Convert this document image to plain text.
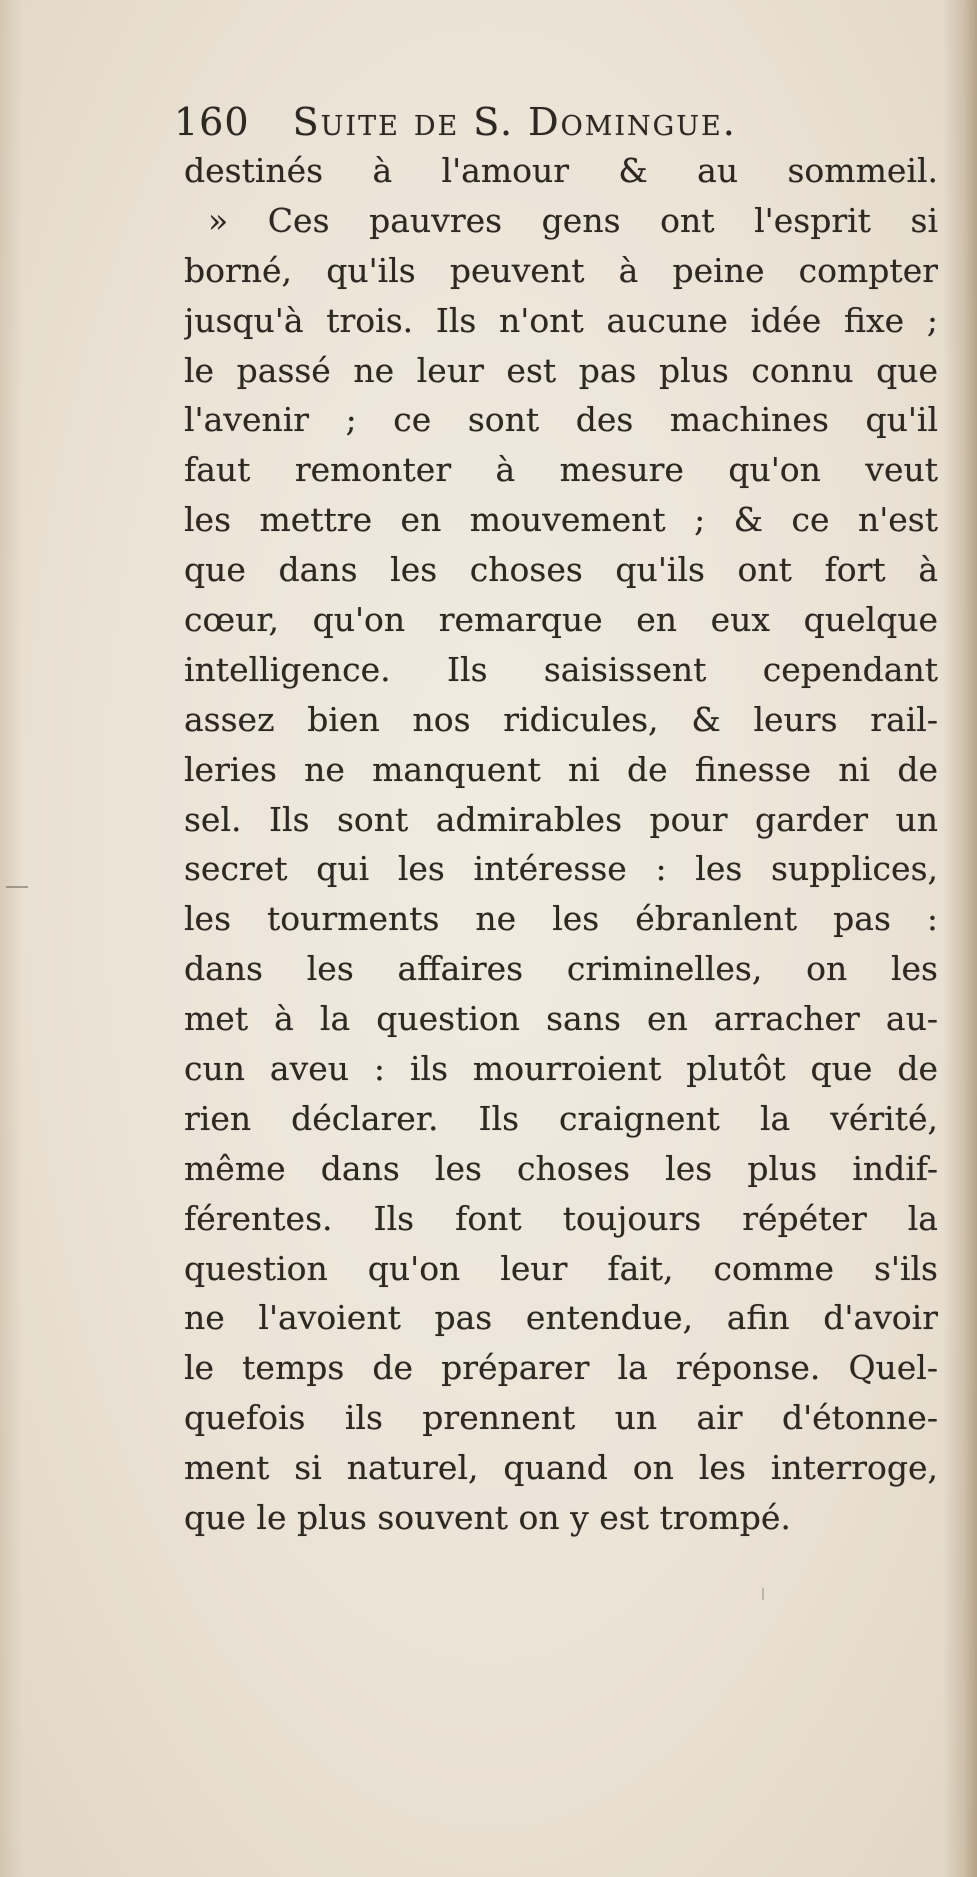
160 Suite de S. Domingue.
destinés à l'amour & au sommeil.
» Ces pauvres gens ont l'esprit si
borné, qu'ils peuvent à peine compter
jusqu'à trois. Ils n'ont aucune idée fixe ;
le passé ne leur est pas plus connu que
l'avenir ; ce sont des machines qu'il
faut remonter à mesure qu'on veut
les mettre en mouvement ; & ce n'est
que dans les choses qu'ils ont fort à
cœur, qu'on remarque en eux quelque
intelligence. Ils saisissent cependant
assez bien nos ridicules, & leurs rail-
leries ne manquent ni de finesse ni de
sel. Ils sont admirables pour garder un
secret qui les intéresse : les supplices,
les tourments ne les ébranlent pas :
dans les affaires criminelles, on les
met à la question sans en arracher au-
cun aveu : ils mourroient plutôt que de
rien déclarer. Ils craignent la vérité,
même dans les choses les plus indif-
férentes. Ils font toujours répéter la
question qu'on leur fait, comme s'ils
ne l'avoient pas entendue, afin d'avoir
le temps de préparer la réponse. Quel-
quefois ils prennent un air d'étonne-
ment si naturel, quand on les interroge,
que le plus souvent on y est trompé.
